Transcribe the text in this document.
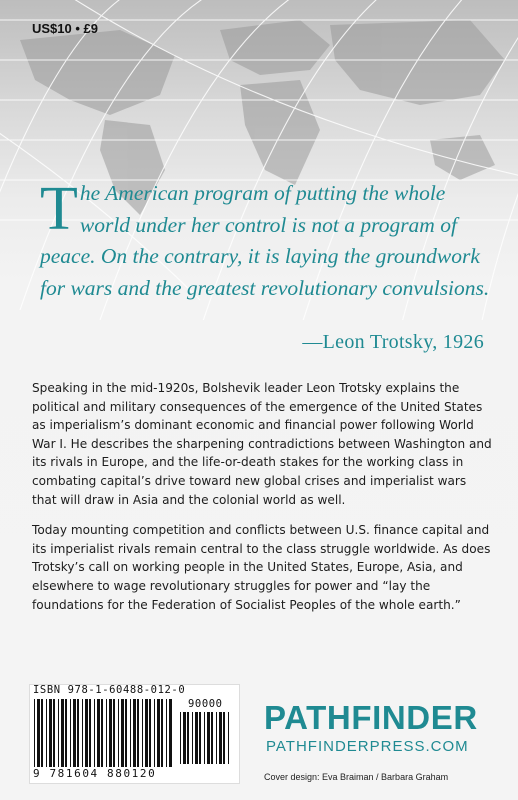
US$10 • £9

The American program of putting the whole world under her control is not a program of peace. On the contrary, it is laying the groundwork for wars and the greatest revolutionary convulsions.

—Leon Trotsky, 1926

Speaking in the mid-1920s, Bolshevik leader Leon Trotsky explains the political and military consequences of the emergence of the United States as imperialism’s dominant economic and financial power following World War I. He describes the sharpening contradictions between Washington and its rivals in Europe, and the life-or-death stakes for the working class in combating capital’s drive toward new global crises and imperialist wars that will draw in Asia and the colonial world as well.

Today mounting competition and conflicts between U.S. finance capital and its imperialist rivals remain central to the class struggle worldwide. As does Trotsky’s call on working people in the United States, Europe, Asia, and elsewhere to wage revolutionary struggles for power and “lay the foundations for the Federation of Socialist Peoples of the whole earth.”

ISBN 978-1-60488-012-0
90000
9 781604 880120
PATHFINDER
PATHFINDERPRESS.COM
Cover design: Eva Braiman / Barbara Graham
